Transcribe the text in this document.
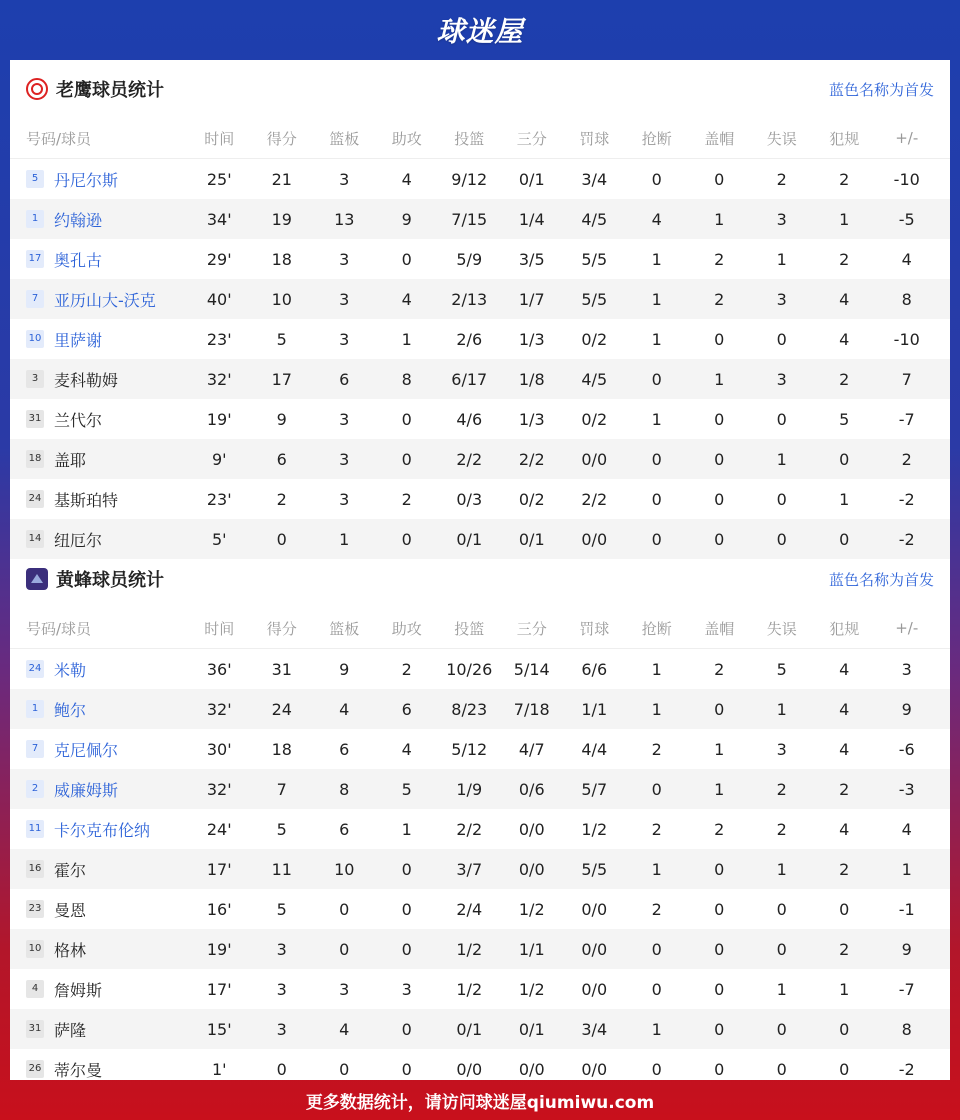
球迷屋
老鹰球员统计	蓝色名称为首发
号码/球员	时间	得分	篮板	助攻	投篮	三分	罚球	抢断	盖帽	失误	犯规	+/-
5 丹尼尔斯	25'	21	3	4	9/12	0/1	3/4	0	0	2	2	-10
1 约翰逊	34'	19	13	9	7/15	1/4	4/5	4	1	3	1	-5
17 奥孔古	29'	18	3	0	5/9	3/5	5/5	1	2	1	2	4
7 亚历山大-沃克	40'	10	3	4	2/13	1/7	5/5	1	2	3	4	8
10 里萨谢	23'	5	3	1	2/6	1/3	0/2	1	0	0	4	-10
3 麦科勒姆	32'	17	6	8	6/17	1/8	4/5	0	1	3	2	7
31 兰代尔	19'	9	3	0	4/6	1/3	0/2	1	0	0	5	-7
18 盖耶	9'	6	3	0	2/2	2/2	0/0	0	0	1	0	2
24 基斯珀特	23'	2	3	2	0/3	0/2	2/2	0	0	0	1	-2
14 纽厄尔	5'	0	1	0	0/1	0/1	0/0	0	0	0	0	-2
黄蜂球员统计	蓝色名称为首发
号码/球员	时间	得分	篮板	助攻	投篮	三分	罚球	抢断	盖帽	失误	犯规	+/-
24 米勒	36'	31	9	2	10/26	5/14	6/6	1	2	5	4	3
1 鲍尔	32'	24	4	6	8/23	7/18	1/1	1	0	1	4	9
7 克尼佩尔	30'	18	6	4	5/12	4/7	4/4	2	1	3	4	-6
2 威廉姆斯	32'	7	8	5	1/9	0/6	5/7	0	1	2	2	-3
11 卡尔克布伦纳	24'	5	6	1	2/2	0/0	1/2	2	2	2	4	4
16 霍尔	17'	11	10	0	3/7	0/0	5/5	1	0	1	2	1
23 曼恩	16'	5	0	0	2/4	1/2	0/0	2	0	0	0	-1
10 格林	19'	3	0	0	1/2	1/1	0/0	0	0	0	2	9
4 詹姆斯	17'	3	3	3	1/2	1/2	0/0	0	0	1	1	-7
31 萨隆	15'	3	4	0	0/1	0/1	3/4	1	0	0	0	8
26 蒂尔曼	1'	0	0	0	0/0	0/0	0/0	0	0	0	0	-2
更多数据统计，请访问球迷屋qiumiwu.com
